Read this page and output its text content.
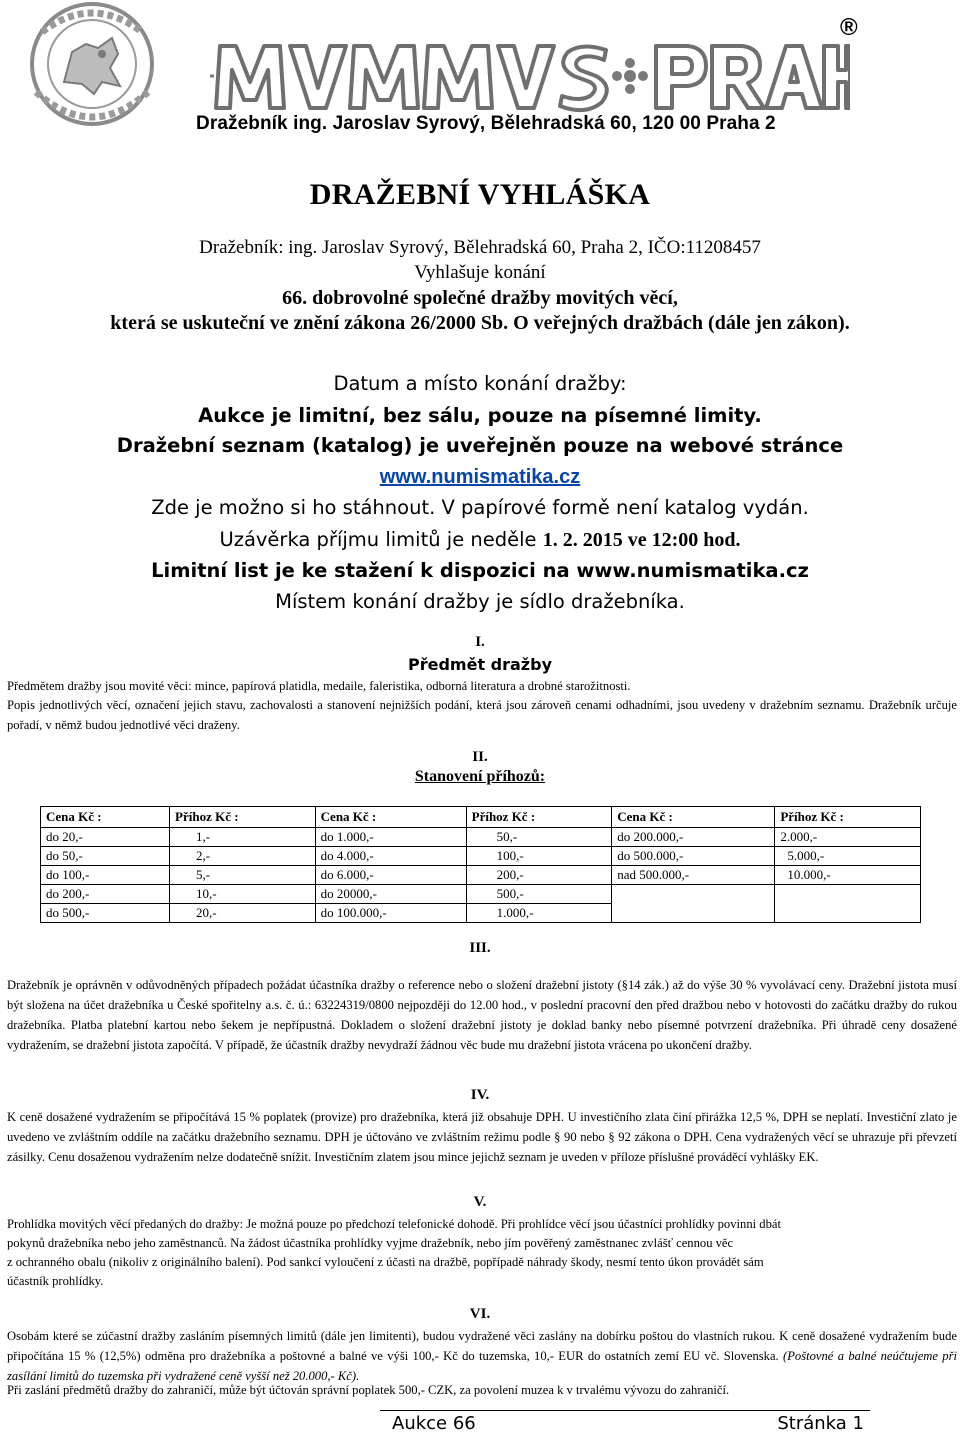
®
Dražebník ing. Jaroslav Syrový, Bělehradská 60, 120 00 Praha 2
DRAŽEBNÍ VYHLÁŠKA
Dražebník: ing. Jaroslav Syrový, Bělehradská 60, Praha 2, IČO:11208457
Vyhlašuje konání
66. dobrovolné společné dražby movitých věcí,
která se uskuteční ve znění zákona 26/2000 Sb. O veřejných dražbách (dále jen zákon).
Datum a místo konání dražby:
Aukce je limitní, bez sálu, pouze na písemné limity.
Dražební seznam (katalog) je uveřejněn pouze na webové stránce
www.numismatika.cz
Zde je možno si ho stáhnout. V papírové formě není katalog vydán.
Uzávěrka příjmu limitů je neděle 1. 2. 2015 ve 12:00 hod.
Limitní list je ke stažení k dispozici na www.numismatika.cz
Místem konání dražby je sídlo dražebníka.
I.
Předmět dražby
Předmětem dražby jsou movité věci: mince, papírová platidla, medaile, faleristika, odborná literatura a drobné starožitnosti.
Popis jednotlivých věcí, označení jejich stavu, zachovalosti a stanovení nejnižších podání, která jsou zároveň cenami odhadními, jsou uvedeny v dražebním seznamu. Dražebník určuje pořadí, v němž budou jednotlivé věci draženy.
II.
Stanovení příhozů:
Cena Kč :	Příhoz Kč :	Cena Kč :	Příhoz Kč :	Cena Kč :	Příhoz Kč :
do 20,-	1,-	do 1.000,-	50,-	do 200.000,-	2.000,-
do 50,-	2,-	do 4.000,-	100,-	do 500.000,-	5.000,-
do 100,-	5,-	do 6.000,-	200,-	nad 500.000,-	10.000,-
do 200,-	10,-	do 20000,-	500,-		
do 500,-	20,-	do 100.000,-	1.000,-		
III.
Dražebník je oprávněn v odůvodněných případech požádat účastníka dražby o reference nebo o složení dražební jistoty (§14 zák.) až do výše 30 % vyvolávací ceny. Dražební jistota musí být složena na účet dražebníka u České spořitelny a.s. č. ú.: 63224319/0800 nejpozději do 12.00 hod., v poslední pracovní den před dražbou nebo v hotovosti do začátku dražby do rukou dražebníka. Platba platební kartou nebo šekem je nepřípustná. Dokladem o složení dražební jistoty je doklad banky nebo písemné potvrzení dražebníka. Při úhradě ceny dosažené vydražením, se dražební jistota započítá. V případě, že účastník dražby nevydraží žádnou věc bude mu dražební jistota vrácena po ukončení dražby.
IV.
K ceně dosažené vydražením se připočítává 15 % poplatek (provize) pro dražebníka, která již obsahuje DPH. U investičního zlata činí přirážka 12,5 %, DPH se neplatí. Investiční zlato je uvedeno ve zvláštním oddíle na začátku dražebního seznamu. DPH je účtováno ve zvláštním režimu podle § 90 nebo § 92 zákona o DPH. Cena vydražených věcí se uhrazuje při převzetí zásilky. Cenu dosaženou vydražením nelze dodatečně snížit. Investičním zlatem jsou mince jejichž seznam je uveden v příloze příslušné prováděcí vyhlášky EK.
V.
Prohlídka movitých věcí předaných do dražby: Je možná pouze po předchozí telefonické dohodě. Při prohlídce věcí jsou účastníci prohlídky povinni dbát
pokynů dražebníka nebo jeho zaměstnanců. Na žádost účastníka prohlídky vyjme dražebník, nebo jím pověřený zaměstnanec zvlášť cennou věc
z ochranného obalu (nikoliv z originálního balení). Pod sankcí vyloučení z účasti na dražbě, popřípadě náhrady škody, nesmí tento úkon provádět sám
účastník prohlídky.
VI.
Osobám které se zúčastní dražby zasláním písemných limitů (dále jen limitenti), budou vydražené věci zaslány na dobírku poštou do vlastních rukou. K ceně dosažené vydražením bude připočítána 15 % (12,5%) odměna pro dražebníka a poštovné a balné ve výši 100,- Kč do tuzemska, 10,- EUR do ostatních zemí EU vč. Slovenska. (Poštovné a balné neúčtujeme při zasílání limitů do tuzemska při vydražené ceně vyšší než 20.000,- Kč).
Při zaslání předmětů dražby do zahraničí, může být účtován správní poplatek 500,- CZK, za povolení muzea k v trvalému vývozu do zahraničí.
Aukce 66	Stránka 1
